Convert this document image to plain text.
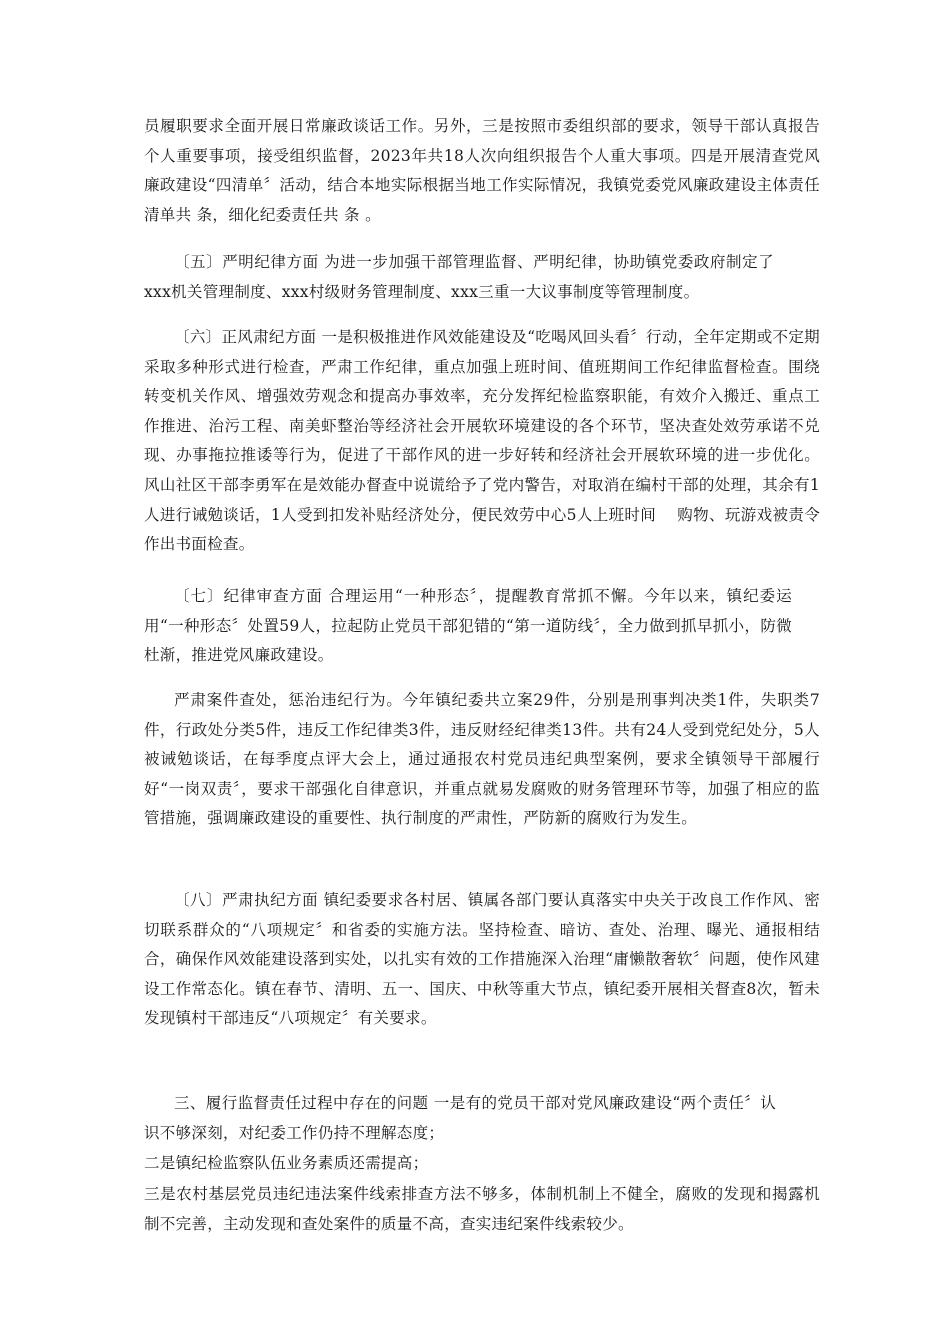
员履职要求全面开展日常廉政谈话工作。另外，三是按照市委组织部的要求，领导干部认真报告个人重要事项，接受组织监督，2023年共18人次向组织报告个人重大事项。四是开展清查党风廉政建设“四清单〞活动，结合本地实际根据当地工作实际情况，我镇党委党风廉政建设主体责任清单共 条，细化纪委责任共 条 。

〔五〕严明纪律方面 为进一步加强干部管理监督、严明纪律，协助镇党委政府制定了xxx机关管理制度、xxx村级财务管理制度、xxx三重一大议事制度等管理制度。

〔六〕正风肃纪方面 一是积极推进作风效能建设及“吃喝风回头看〞行动，全年定期或不定期采取多种形式进行检查，严肃工作纪律，重点加强上班时间、值班期间工作纪律监督检查。围绕转变机关作风、增强效劳观念和提高办事效率，充分发挥纪检监察职能，有效介入搬迁、重点工作推进、治污工程、南美虾整治等经济社会开展软环境建设的各个环节，坚决查处效劳承诺不兑现、办事拖拉推诿等行为，促进了干部作风的进一步好转和经济社会开展软环境的进一步优化。风山社区干部李勇军在是效能办督查中说谎给予了党内警告，对取消在编村干部的处理，其余有1人进行诫勉谈话，1人受到扣发补贴经济处分，便民效劳中心5人上班时间　 购物、玩游戏被责令作出书面检查。

〔七〕纪律审查方面 合理运用“一种形态〞，提醒教育常抓不懈。今年以来，镇纪委运用“一种形态〞处置59人，拉起防止党员干部犯错的“第一道防线〞，全力做到抓早抓小，防微杜渐，推进党风廉政建设。

严肃案件查处，惩治违纪行为。今年镇纪委共立案29件，分别是刑事判决类1件，失职类7件，行政处分类5件，违反工作纪律类3件，违反财经纪律类13件。共有24人受到党纪处分，5人被诫勉谈话，在每季度点评大会上，通过通报农村党员违纪典型案例，要求全镇领导干部履行好“一岗双责〞，要求干部强化自律意识，并重点就易发腐败的财务管理环节等，加强了相应的监管措施，强调廉政建设的重要性、执行制度的严肃性，严防新的腐败行为发生。

〔八〕严肃执纪方面 镇纪委要求各村居、镇属各部门要认真落实中央关于改良工作作风、密切联系群众的“八项规定〞和省委的实施方法。坚持检查、暗访、查处、治理、曝光、通报相结合，确保作风效能建设落到实处，以扎实有效的工作措施深入治理“庸懒散奢软〞问题，使作风建设工作常态化。镇在春节、清明、五一、国庆、中秋等重大节点，镇纪委开展相关督查8次，暂未发现镇村干部违反“八项规定〞有关要求。

三、履行监督责任过程中存在的问题 一是有的党员干部对党风廉政建设“两个责任〞认识不够深刻，对纪委工作仍持不理解态度；

二是镇纪检监察队伍业务素质还需提高；

三是农村基层党员违纪违法案件线索排查方法不够多，体制机制上不健全，腐败的发现和揭露机制不完善，主动发现和查处案件的质量不高，查实违纪案件线索较少。
